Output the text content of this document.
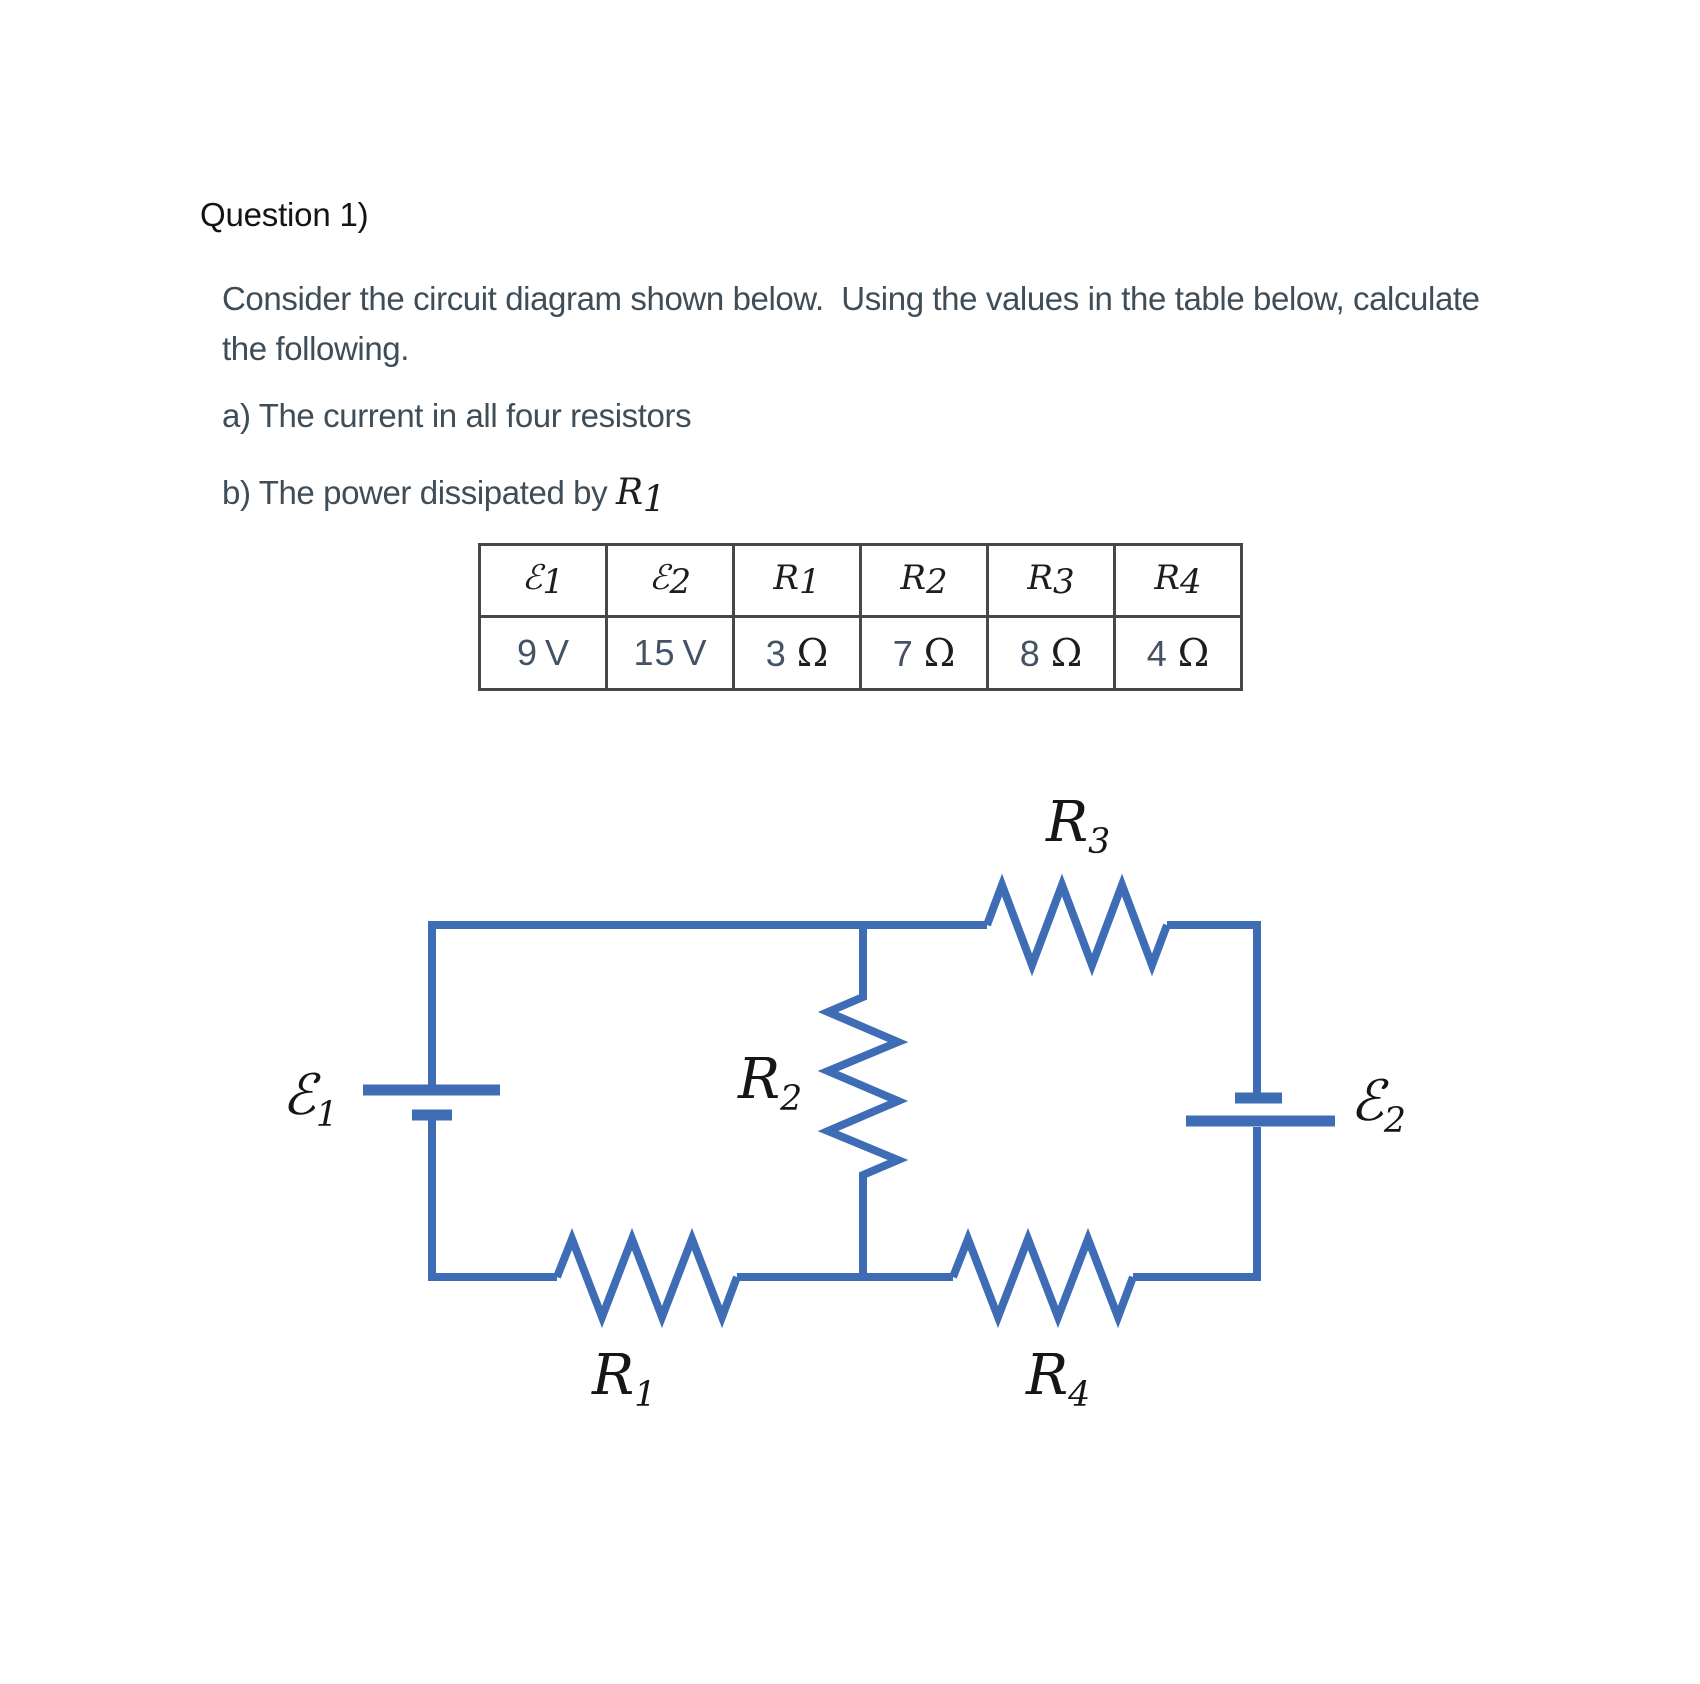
Question 1)
Consider the circuit diagram shown below.  Using the values in the table below, calculate
the following.
a) The current in all four resistors
b) The power dissipated by $R_1$
ℰ$_1$	ℰ$_2$	$R_1$	$R_2$	$R_3$	$R_4$
9 V	15 V	3 Ω	7 Ω	8 Ω	4 Ω
ℰ$_1$
$R_2$
$R_3$
ℰ$_2$
$R_1$	$R_4$
